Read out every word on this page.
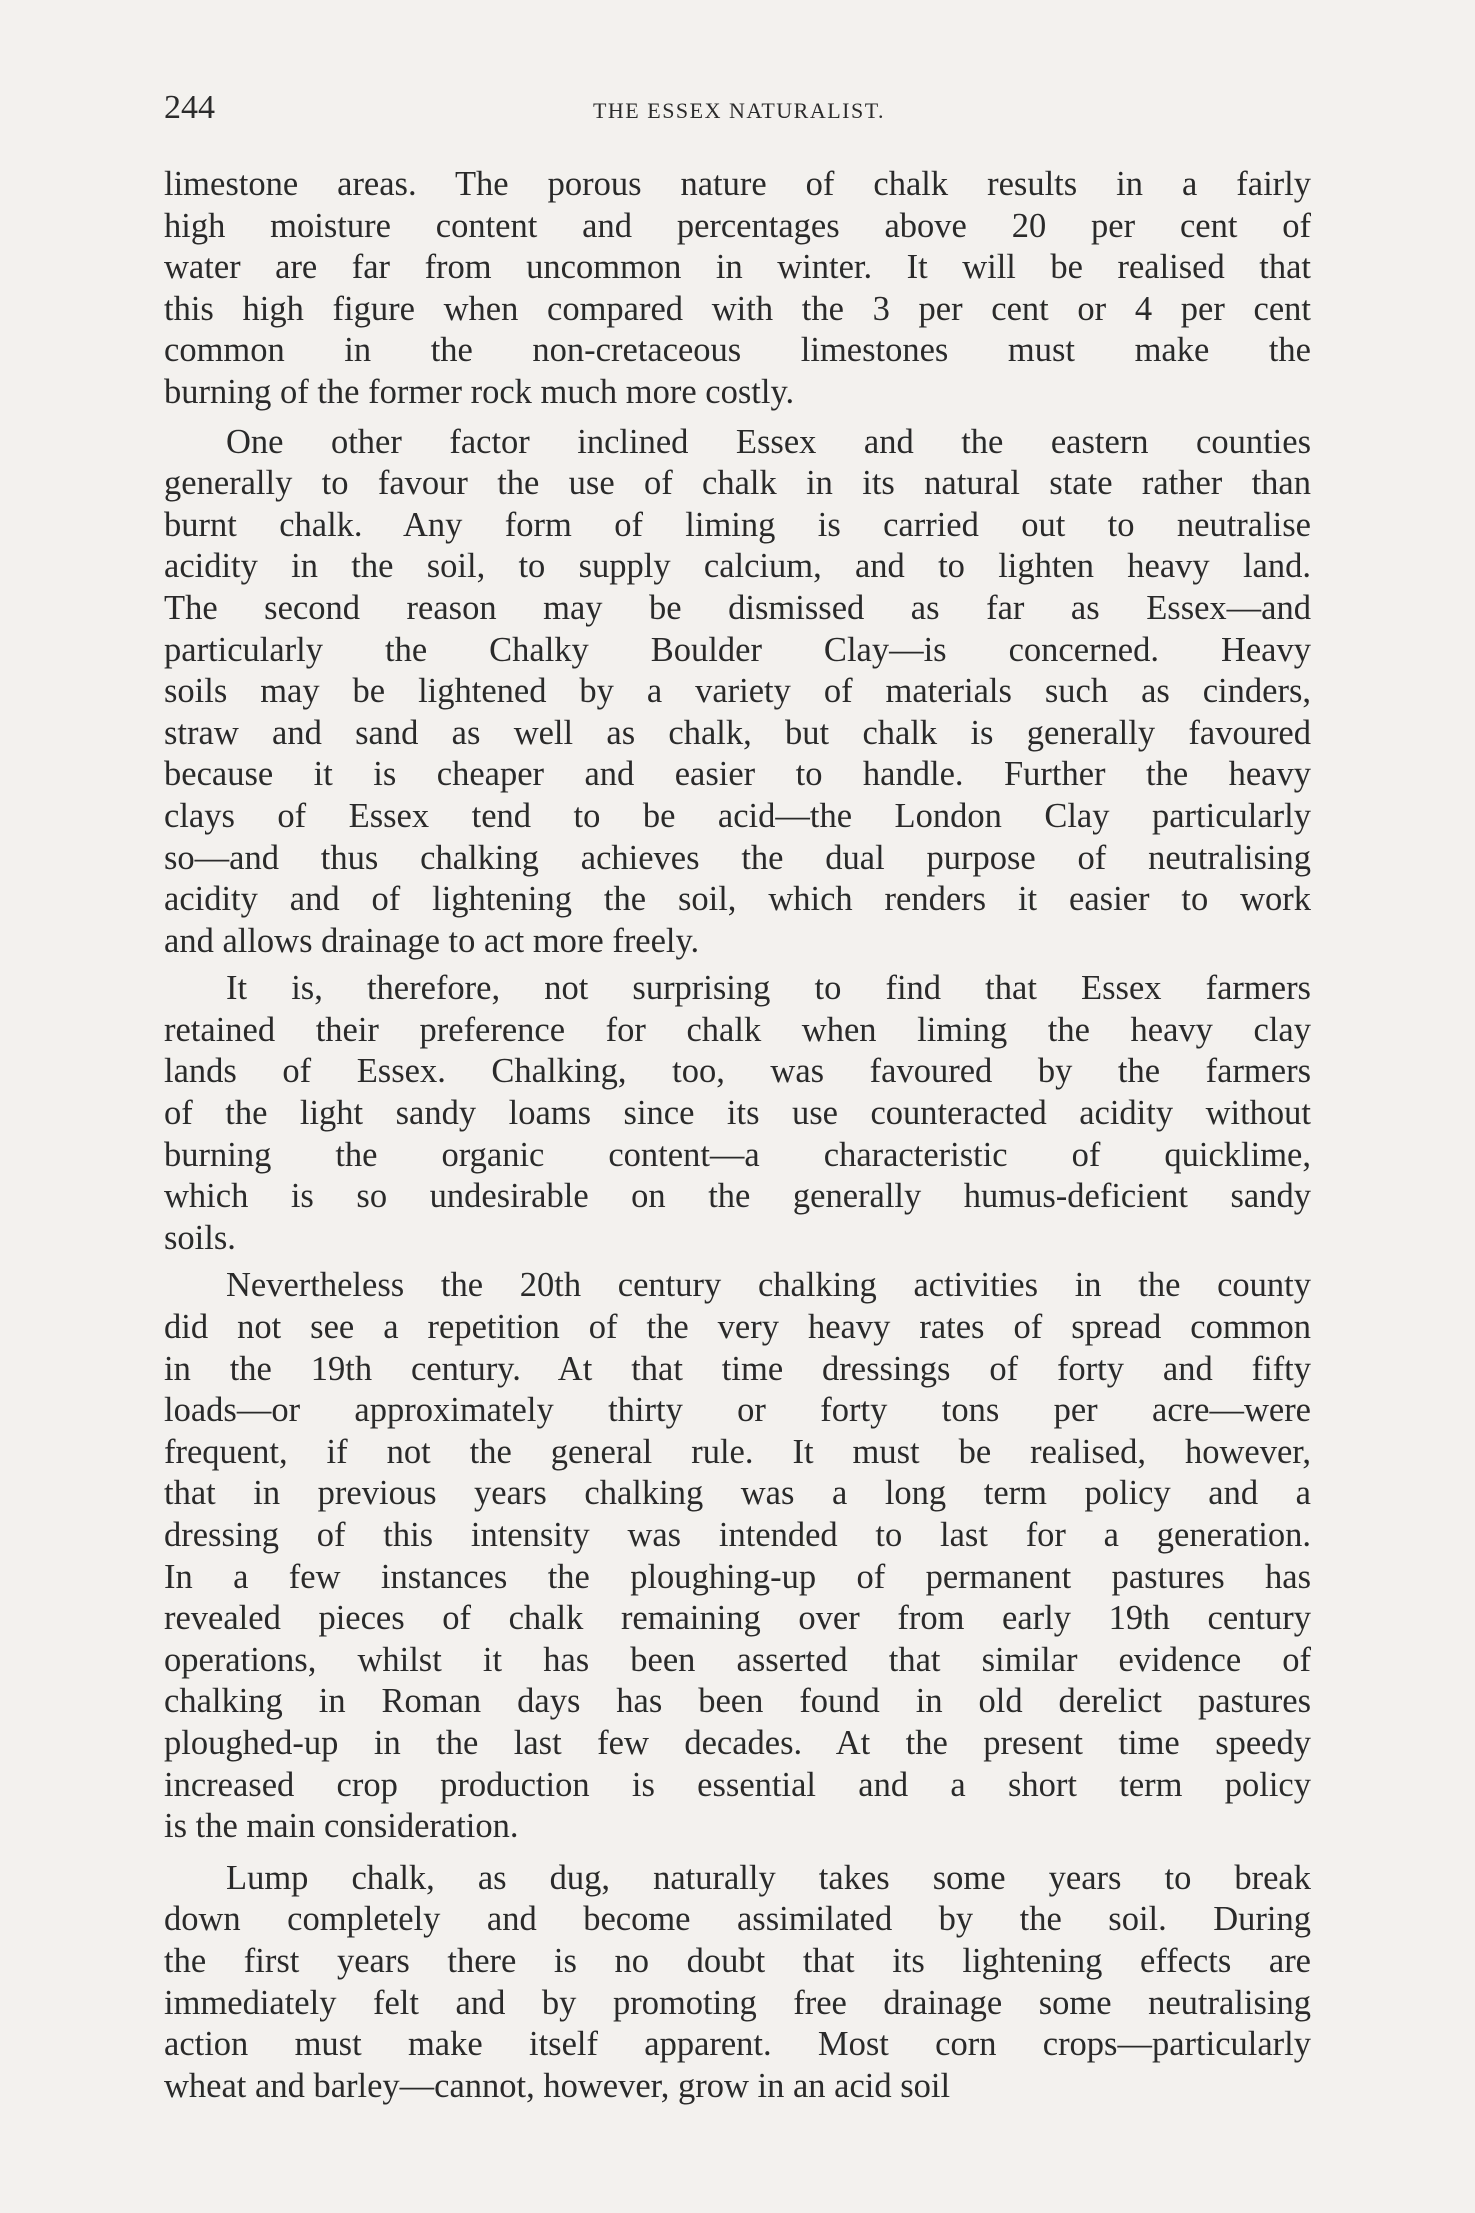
244	THE ESSEX NATURALIST.
limestone areas. The porous nature of chalk results in a fairly
high moisture content and percentages above 20 per cent of
water are far from uncommon in winter. It will be realised that
this high figure when compared with the 3 per cent or 4 per cent
common in the non-cretaceous limestones must make the
burning of the former rock much more costly.
One other factor inclined Essex and the eastern counties
generally to favour the use of chalk in its natural state rather than
burnt chalk. Any form of liming is carried out to neutralise
acidity in the soil, to supply calcium, and to lighten heavy land.
The second reason may be dismissed as far as Essex—and
particularly the Chalky Boulder Clay—is concerned. Heavy
soils may be lightened by a variety of materials such as cinders,
straw and sand as well as chalk, but chalk is generally favoured
because it is cheaper and easier to handle. Further the heavy
clays of Essex tend to be acid—the London Clay particularly
so—and thus chalking achieves the dual purpose of neutralising
acidity and of lightening the soil, which renders it easier to work
and allows drainage to act more freely.
It is, therefore, not surprising to find that Essex farmers
retained their preference for chalk when liming the heavy clay
lands of Essex. Chalking, too, was favoured by the farmers
of the light sandy loams since its use counteracted acidity without
burning the organic content—a characteristic of quicklime,
which is so undesirable on the generally humus-deficient sandy
soils.
Nevertheless the 20th century chalking activities in the county
did not see a repetition of the very heavy rates of spread common
in the 19th century. At that time dressings of forty and fifty
loads—or approximately thirty or forty tons per acre—were
frequent, if not the general rule. It must be realised, however,
that in previous years chalking was a long term policy and a
dressing of this intensity was intended to last for a generation.
In a few instances the ploughing-up of permanent pastures has
revealed pieces of chalk remaining over from early 19th century
operations, whilst it has been asserted that similar evidence of
chalking in Roman days has been found in old derelict pastures
ploughed-up in the last few decades. At the present time speedy
increased crop production is essential and a short term policy
is the main consideration.
Lump chalk, as dug, naturally takes some years to break
down completely and become assimilated by the soil. During
the first years there is no doubt that its lightening effects are
immediately felt and by promoting free drainage some neutralising
action must make itself apparent. Most corn crops—particularly
wheat and barley—cannot, however, grow in an acid soil
